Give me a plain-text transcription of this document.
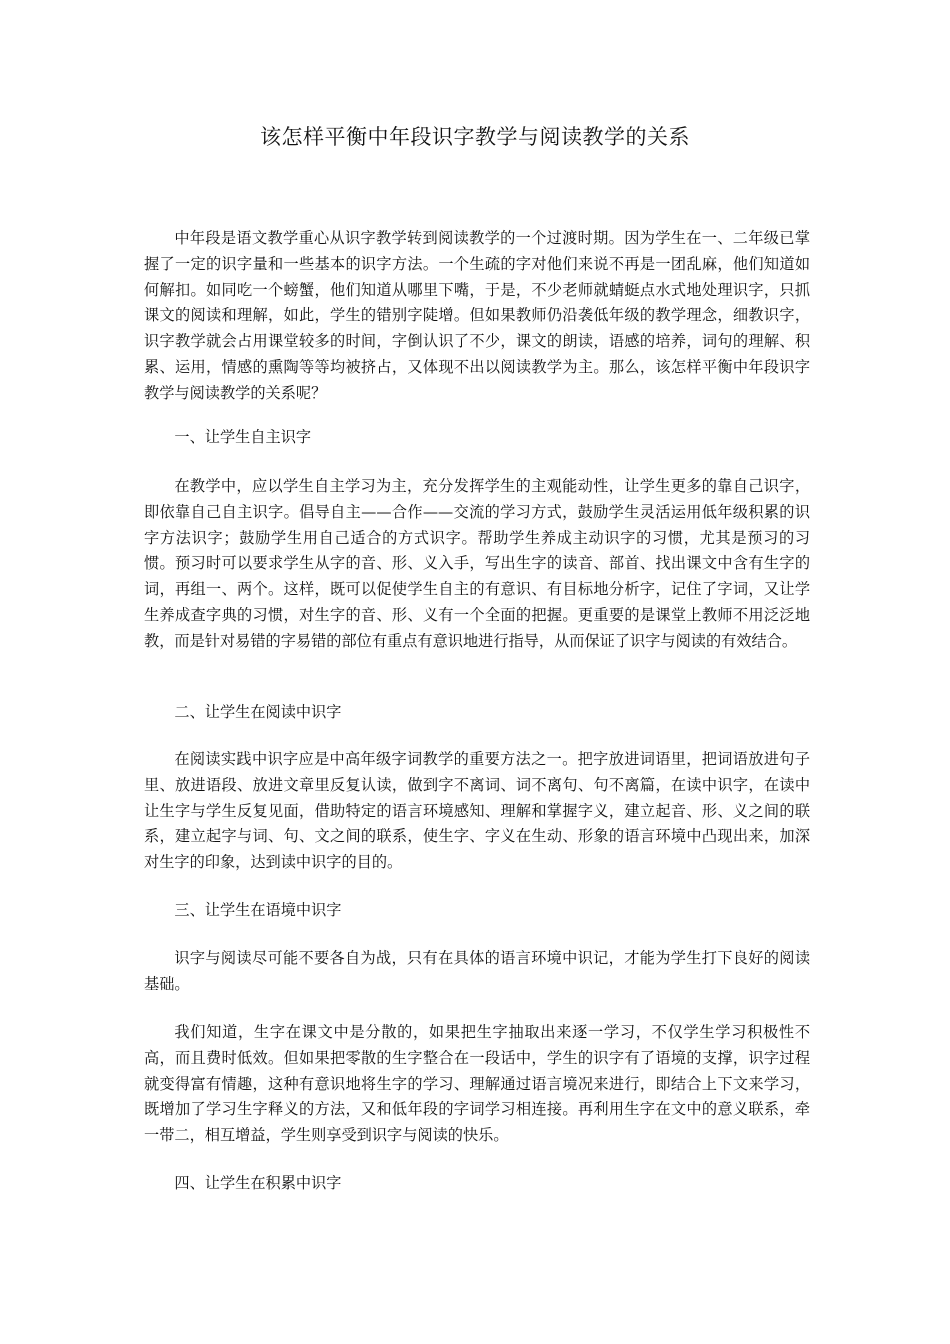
该怎样平衡中年段识字教学与阅读教学的关系
中年段是语文教学重心从识字教学转到阅读教学的一个过渡时期。因为学生在一、二年级已掌握了一定的识字量和一些基本的识字方法。一个生疏的字对他们来说不再是一团乱麻，他们知道如何解扣。如同吃一个螃蟹，他们知道从哪里下嘴，于是，不少老师就蜻蜓点水式地处理识字，只抓课文的阅读和理解，如此，学生的错别字陡增。但如果教师仍沿袭低年级的教学理念，细教识字，识字教学就会占用课堂较多的时间，字倒认识了不少，课文的朗读，语感的培养，词句的理解、积累、运用，情感的熏陶等等均被挤占，又体现不出以阅读教学为主。那么，该怎样平衡中年段识字教学与阅读教学的关系呢？
一、让学生自主识字
在教学中，应以学生自主学习为主，充分发挥学生的主观能动性，让学生更多的靠自己识字，即依靠自己自主识字。倡导自主——合作——交流的学习方式，鼓励学生灵活运用低年级积累的识字方法识字；鼓励学生用自己适合的方式识字。帮助学生养成主动识字的习惯，尤其是预习的习惯。预习时可以要求学生从字的音、形、义入手，写出生字的读音、部首、找出课文中含有生字的词，再组一、两个。这样，既可以促使学生自主的有意识、有目标地分析字，记住了字词，又让学生养成查字典的习惯，对生字的音、形、义有一个全面的把握。更重要的是课堂上教师不用泛泛地教，而是针对易错的字易错的部位有重点有意识地进行指导，从而保证了识字与阅读的有效结合。
二、让学生在阅读中识字
在阅读实践中识字应是中高年级字词教学的重要方法之一。把字放进词语里，把词语放进句子里、放进语段、放进文章里反复认读，做到字不离词、词不离句、句不离篇，在读中识字，在读中让生字与学生反复见面，借助特定的语言环境感知、理解和掌握字义，建立起音、形、义之间的联系，建立起字与词、句、文之间的联系，使生字、字义在生动、形象的语言环境中凸现出来，加深对生字的印象，达到读中识字的目的。
三、让学生在语境中识字
识字与阅读尽可能不要各自为战，只有在具体的语言环境中识记，才能为学生打下良好的阅读基础。
我们知道，生字在课文中是分散的，如果把生字抽取出来逐一学习，不仅学生学习积极性不高，而且费时低效。但如果把零散的生字整合在一段话中，学生的识字有了语境的支撑，识字过程就变得富有情趣，这种有意识地将生字的学习、理解通过语言境况来进行，即结合上下文来学习，既增加了学习生字释义的方法，又和低年段的字词学习相连接。再利用生字在文中的意义联系，牵一带二，相互增益，学生则享受到识字与阅读的快乐。
四、让学生在积累中识字
